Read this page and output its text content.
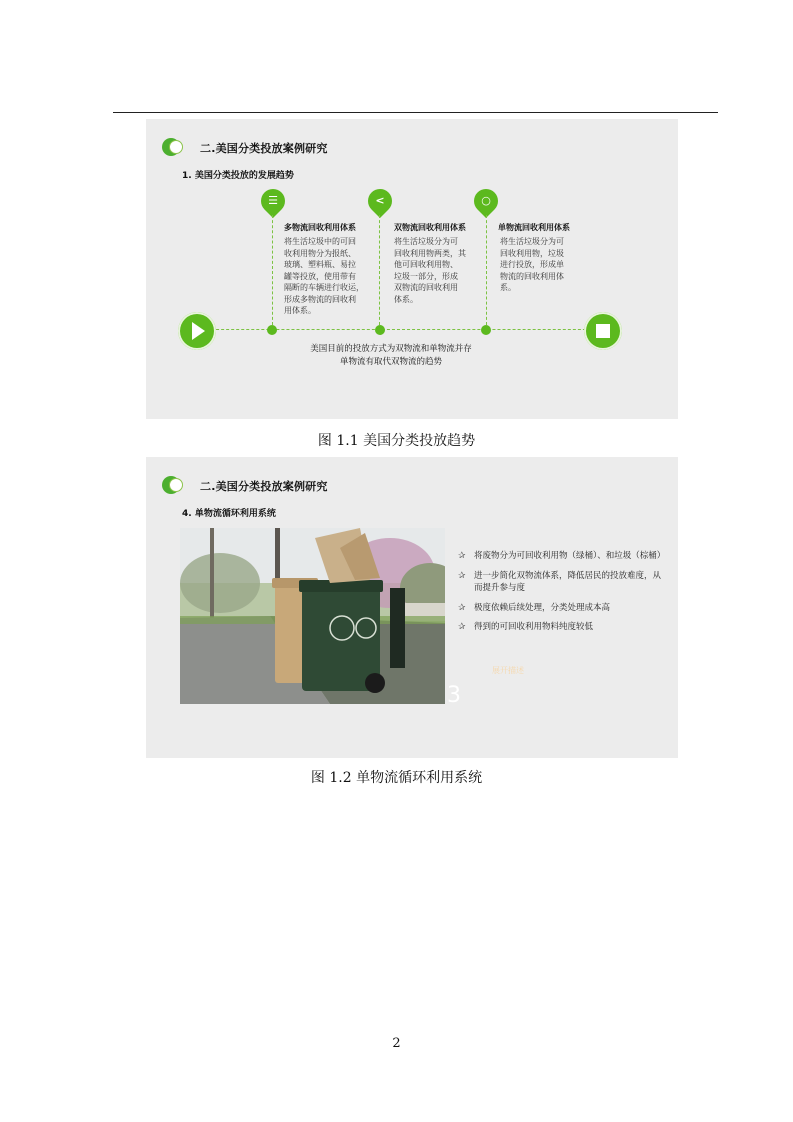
二.美国分类投放案例研究
1. 美国分类投放的发展趋势
☰
多物流回收利用体系
将生活垃圾中的可回
收利用物分为报纸、
玻璃、塑料瓶、易拉
罐等投放，使用带有
隔断的车辆进行收运，
形成多物流的回收利
用体系。
<
双物流回收利用体系
将生活垃圾分为可
回收利用物两类，其
他可回收利用物、
垃圾一部分，形成
双物流的回收利用
体系。
○
单物流回收利用体系
将生活垃圾分为可
回收利用物，垃圾
进行投放，形成单
物流的回收利用体
系。
美国目前的投放方式为双物流和单物流并存
单物流有取代双物流的趋势
图 1.1 美国分类投放趋势
二.美国分类投放案例研究
4. 单物流循环利用系统
✰ 将废物分为可回收利用物（绿桶）、和垃圾（棕桶）
✰ 进一步简化双物流体系，降低居民的投放难度，从而提升参与度
✰ 极度依赖后续处理，分类处理成本高
✰ 得到的可回收利用物料纯度较低
展开描述
3
图 1.2 单物流循环利用系统
2
